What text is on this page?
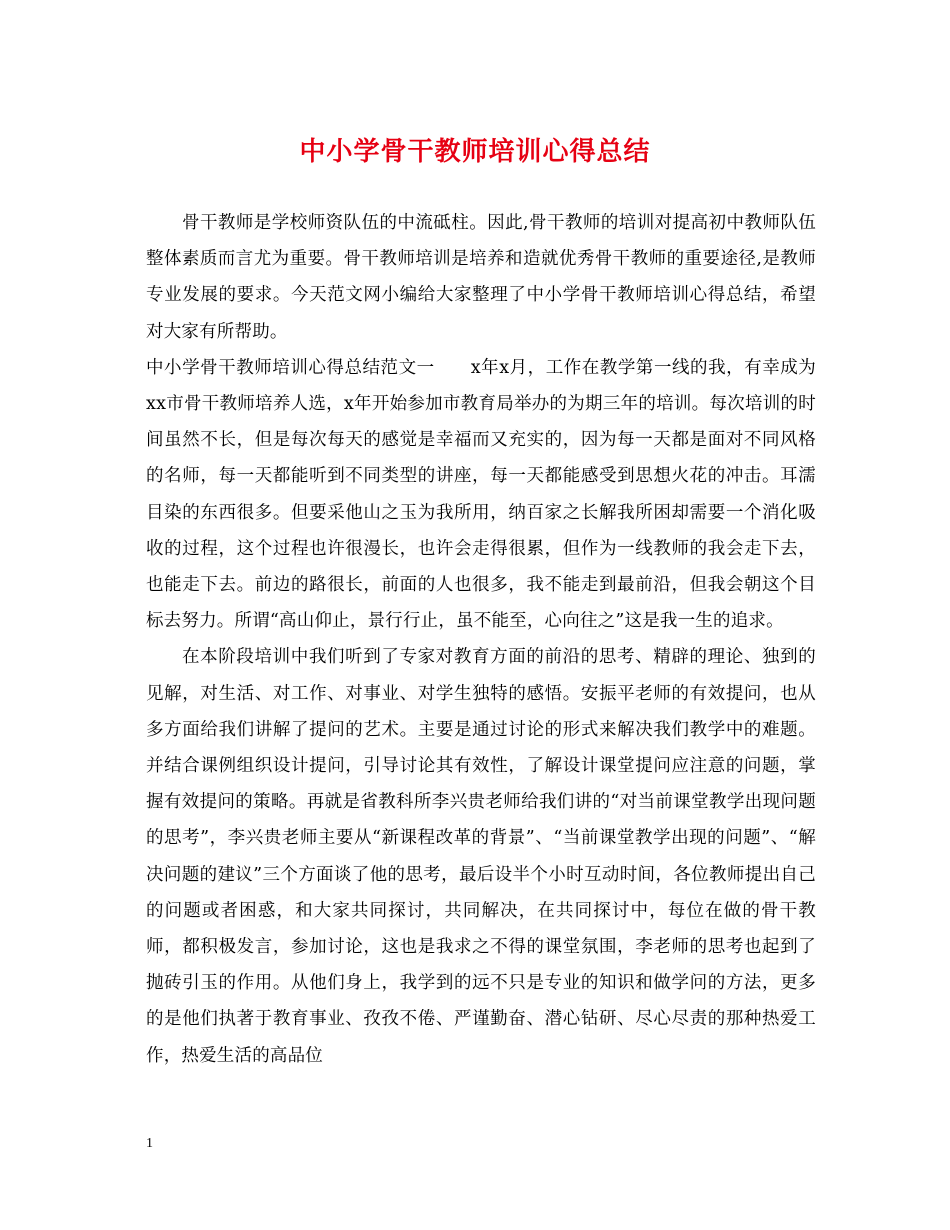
中小学骨干教师培训心得总结

骨干教师是学校师资队伍的中流砥柱。因此,骨干教师的培训对提高初中教师队伍整体素质而言尤为重要。骨干教师培训是培养和造就优秀骨干教师的重要途径,是教师专业发展的要求。今天范文网小编给大家整理了中小学骨干教师培训心得总结，希望对大家有所帮助。

中小学骨干教师培训心得总结范文一　　x年x月，工作在教学第一线的我，有幸成为xx市骨干教师培养人选，x年开始参加市教育局举办的为期三年的培训。每次培训的时间虽然不长，但是每次每天的感觉是幸福而又充实的，因为每一天都是面对不同风格的名师，每一天都能听到不同类型的讲座，每一天都能感受到思想火花的冲击。耳濡目染的东西很多。但要采他山之玉为我所用，纳百家之长解我所困却需要一个消化吸收的过程，这个过程也许很漫长，也许会走得很累，但作为一线教师的我会走下去，也能走下去。前边的路很长，前面的人也很多，我不能走到最前沿，但我会朝这个目标去努力。所谓“高山仰止，景行行止，虽不能至，心向往之”这是我一生的追求。

在本阶段培训中我们听到了专家对教育方面的前沿的思考、精辟的理论、独到的见解，对生活、对工作、对事业、对学生独特的感悟。安振平老师的有效提问，也从多方面给我们讲解了提问的艺术。主要是通过讨论的形式来解决我们教学中的难题。并结合课例组织设计提问，引导讨论其有效性，了解设计课堂提问应注意的问题，掌握有效提问的策略。再就是省教科所李兴贵老师给我们讲的“对当前课堂教学出现问题的思考”，李兴贵老师主要从“新课程改革的背景”、“当前课堂教学出现的问题”、“解决问题的建议”三个方面谈了他的思考，最后设半个小时互动时间，各位教师提出自己的问题或者困惑，和大家共同探讨，共同解决，在共同探讨中，每位在做的骨干教师，都积极发言，参加讨论，这也是我求之不得的课堂氛围，李老师的思考也起到了抛砖引玉的作用。从他们身上，我学到的远不只是专业的知识和做学问的方法，更多的是他们执著于教育事业、孜孜不倦、严谨勤奋、潜心钻研、尽心尽责的那种热爱工作，热爱生活的高品位

1
